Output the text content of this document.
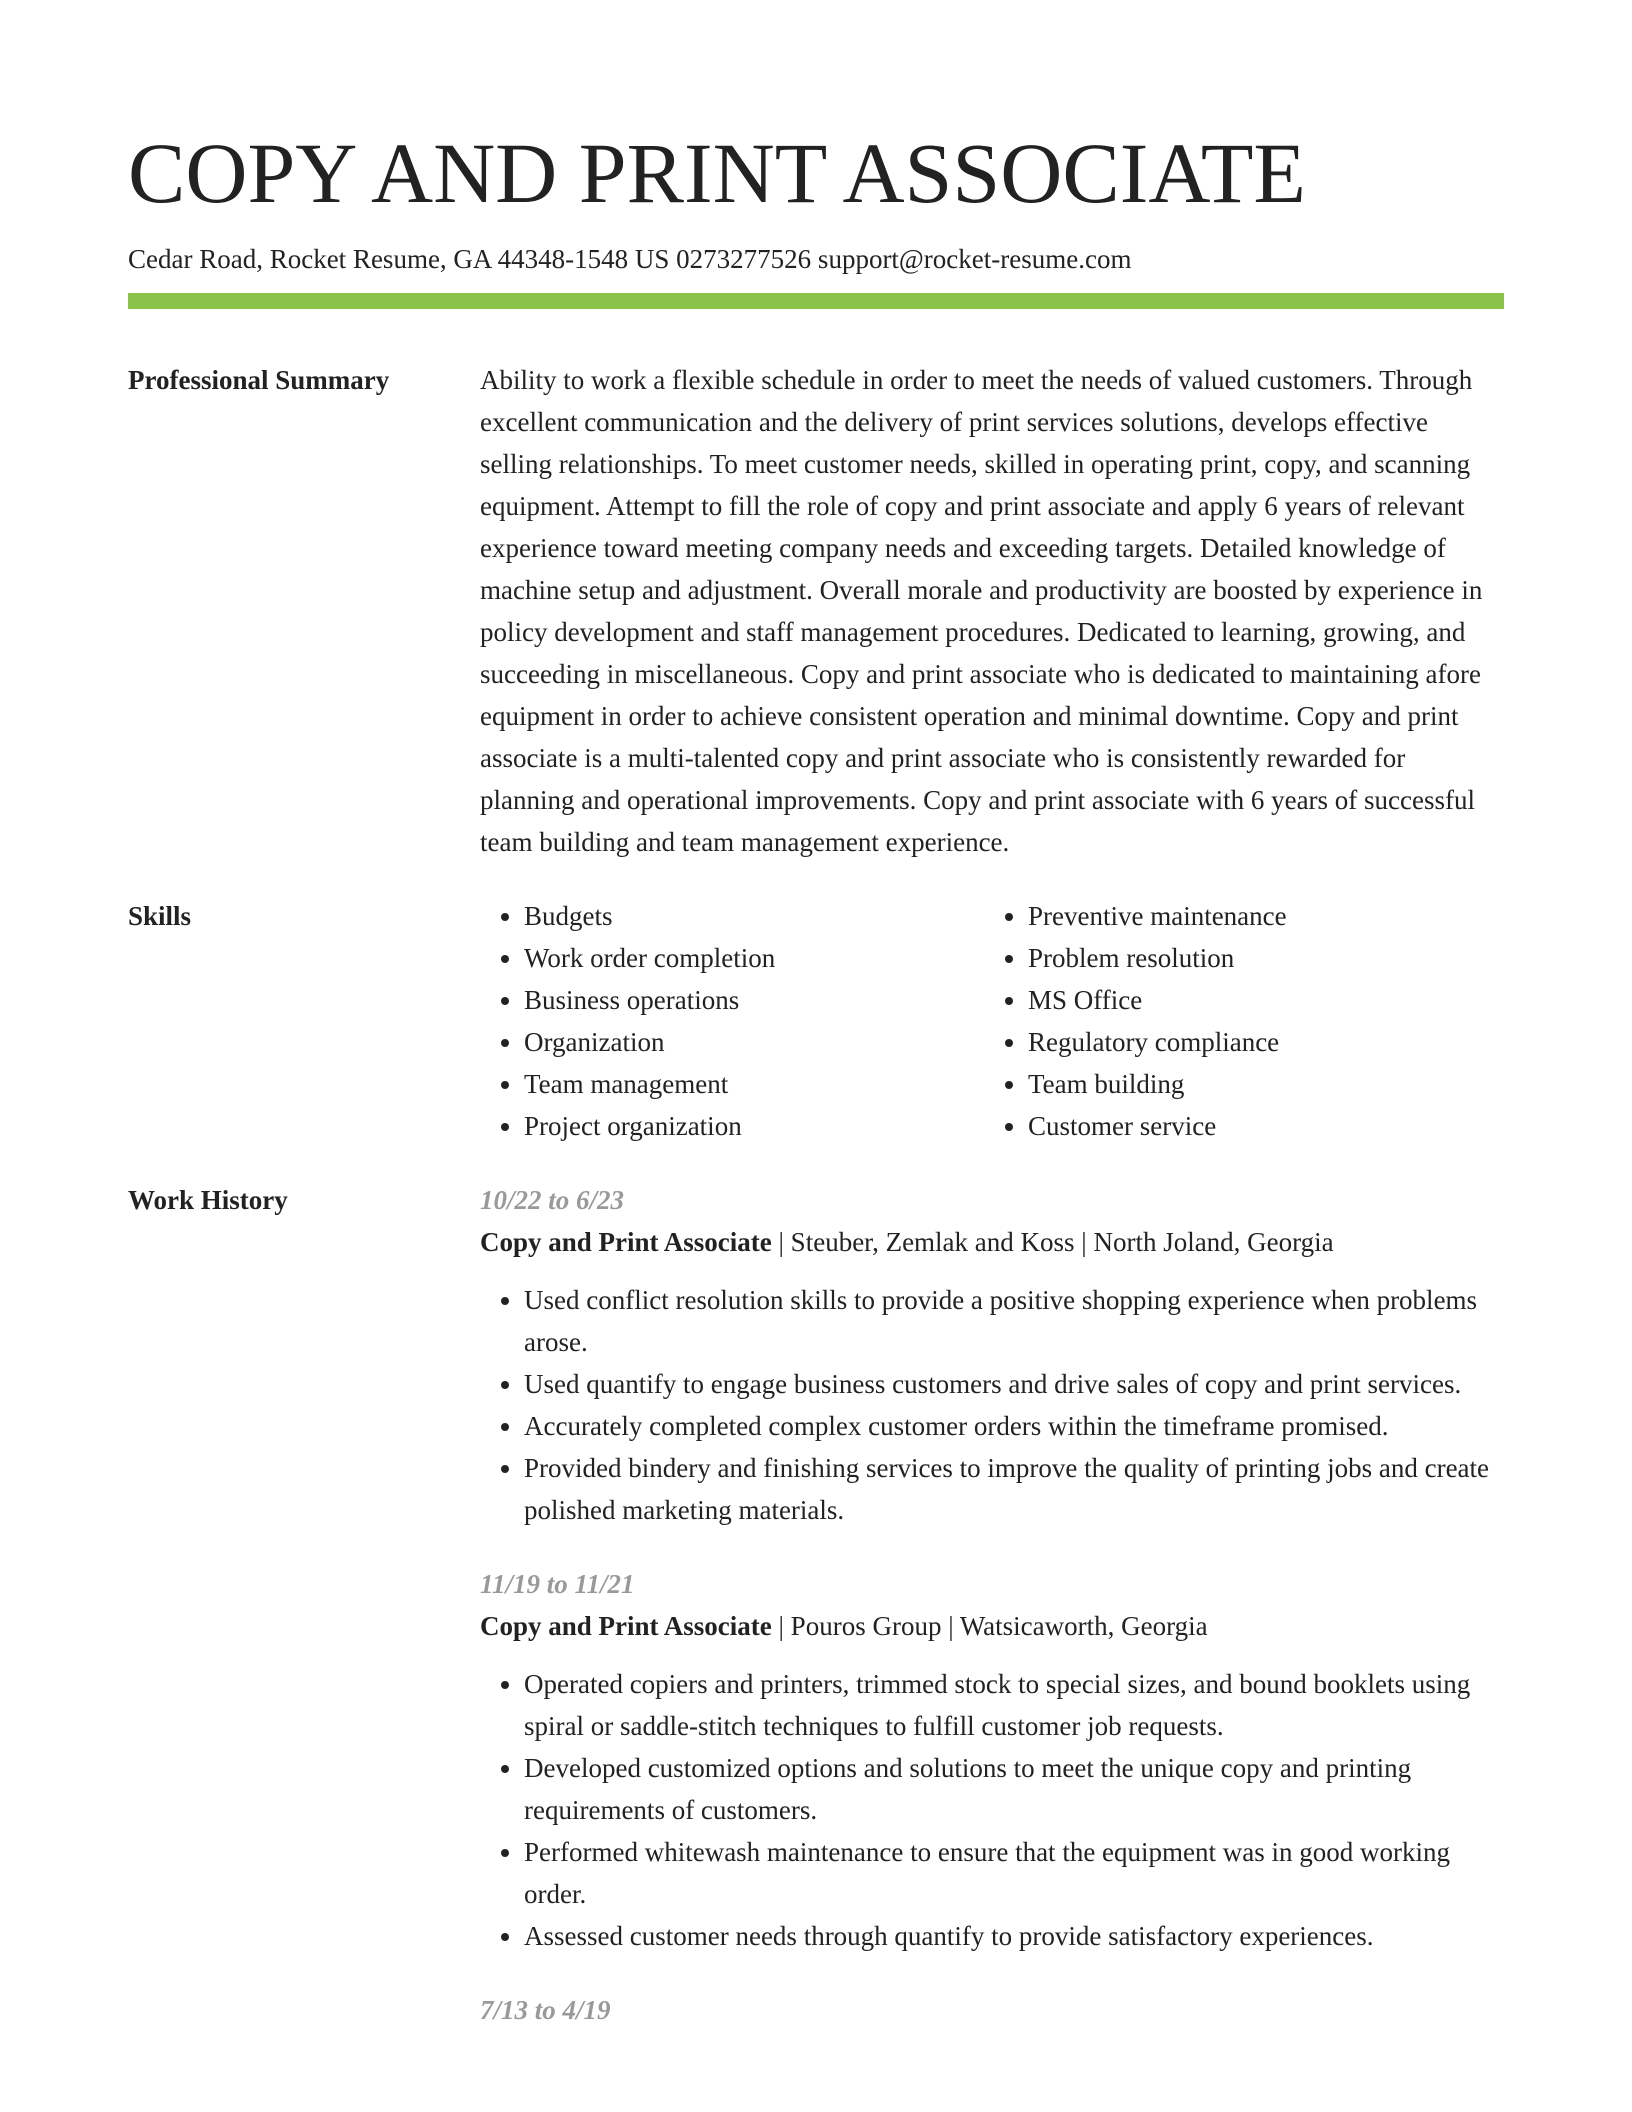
COPY AND PRINT ASSOCIATE
Cedar Road, Rocket Resume, GA 44348-1548 US 0273277526 support@rocket-resume.com
Professional Summary	Ability to work a flexible schedule in order to meet the needs of valued customers. Through excellent communication and the delivery of print services solutions, develops effective selling relationships. To meet customer needs, skilled in operating print, copy, and scanning equipment. Attempt to fill the role of copy and print associate and apply 6 years of relevant experience toward meeting company needs and exceeding targets. Detailed knowledge of machine setup and adjustment. Overall morale and productivity are boosted by experience in policy development and staff management procedures. Dedicated to learning, growing, and succeeding in miscellaneous. Copy and print associate who is dedicated to maintaining afore equipment in order to achieve consistent operation and minimal downtime. Copy and print associate is a multi-talented copy and print associate who is consistently rewarded for planning and operational improvements. Copy and print associate with 6 years of successful team building and team management experience.
Skills
•	Budgets
• Work order completion
• Business operations
• Organization
• Team management
• Project organization
• Preventive maintenance
• Problem resolution
• MS Office
• Regulatory compliance
• Team building
• Customer service
Work History	10/22 to 6/23
Copy and Print Associate | Steuber, Zemlak and Koss | North Joland, Georgia
• Used conflict resolution skills to provide a positive shopping experience when problems arose.
• Used quantify to engage business customers and drive sales of copy and print services.
• Accurately completed complex customer orders within the timeframe promised.
• Provided bindery and finishing services to improve the quality of printing jobs and create polished marketing materials.
11/19 to 11/21
Copy and Print Associate | Pouros Group | Watsicaworth, Georgia
• Operated copiers and printers, trimmed stock to special sizes, and bound booklets using spiral or saddle-stitch techniques to fulfill customer job requests.
• Developed customized options and solutions to meet the unique copy and printing requirements of customers.
• Performed whitewash maintenance to ensure that the equipment was in good working order.
• Assessed customer needs through quantify to provide satisfactory experiences.
7/13 to 4/19
